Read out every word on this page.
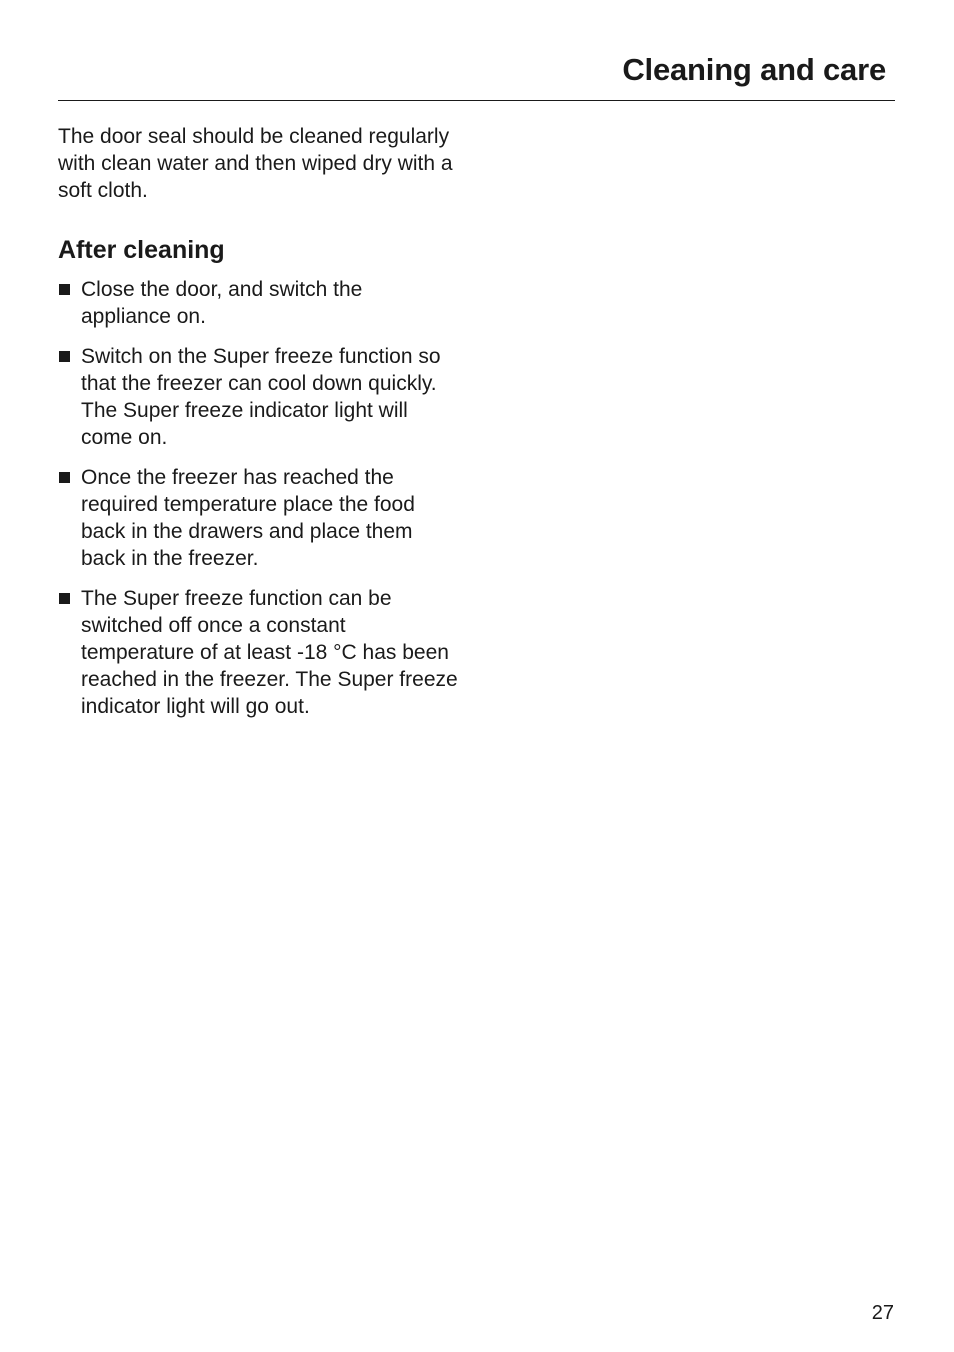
Cleaning and care

The door seal should be cleaned regularly with clean water and then wiped dry with a soft cloth.

After cleaning
Close the door, and switch the appliance on.
Switch on the Super freeze function so that the freezer can cool down quickly. The Super freeze indicator light will come on.
Once the freezer has reached the required temperature place the food back in the drawers and place them back in the freezer.
The Super freeze function can be switched off once a constant temperature of at least -18 °C has been reached in the freezer. The Super freeze indicator light will go out.
27
